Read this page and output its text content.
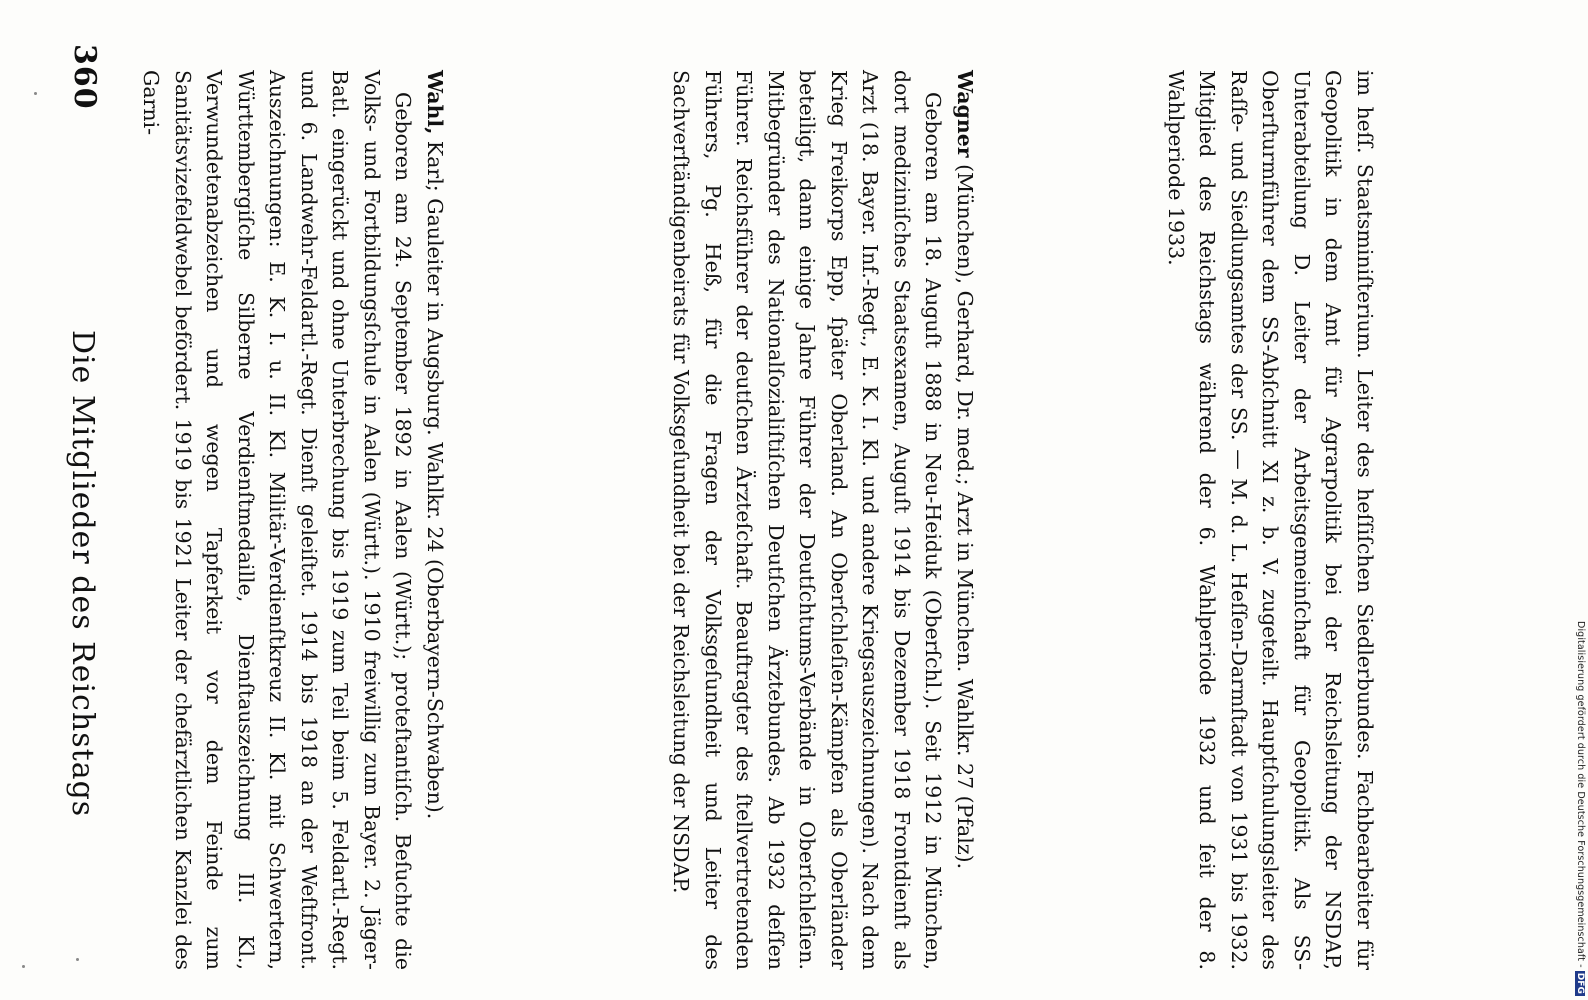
im heſſ. Staatsminiſterium. Leiter des heſſiſchen Siedlerbundes. Fachbearbeiter für Geopolitik in dem Amt für Agrarpolitik bei der Reichsleitung der NSDAP, Unterabteilung D. Leiter der Arbeitsgemeinſchaft für Geopolitik. Als SS-Oberſturmführer dem SS-Abſchnitt XI z. b. V. zugeteilt. Hauptſchulungsleiter des Raſſe- und Siedlungsamtes der SS. — M. d. L. Heſſen-Darmſtadt von 1931 bis 1932. Mitglied des Reichstags während der 6. Wahlperiode 1932 und ſeit der 8. Wahlperiode 1933.

Wagner (München), Gerhard, Dr. med.; Arzt in München. Wahlkr. 27 (Pfalz).

Geboren am 18. Auguſt 1888 in Neu-Heiduk (Oberſchl.). Seit 1912 in München, dort mediziniſches Staatsexamen, Auguſt 1914 bis Dezember 1918 Frontdienſt als Arzt (18. Bayer. Inf.-Regt., E. K. I. Kl. und andere Kriegsauszeichnungen). Nach dem Krieg Freikorps Epp, ſpäter Oberland. An Oberſchleſien-Kämpfen als Oberländer beteiligt, dann einige Jahre Führer der Deutſchtums-Verbände in Oberſchleſien. Mitbegründer des Nationalſozialiſtiſchen Deutſchen Ärztebundes. Ab 1932 deſſen Führer. Reichsführer der deutſchen Ärzteſchaft. Beauftragter des ſtellvertretenden Führers, Pg. Heß, für die Fragen der Volksgeſundheit und Leiter des Sachverſtändigenbeirats für Volksgeſundheit bei der Reichsleitung der NSDAP.

Wahl, Karl; Gauleiter in Augsburg. Wahlkr. 24 (Oberbayern-Schwaben).

Geboren am 24. September 1892 in Aalen (Württ.); proteſtantiſch. Beſuchte die Volks- und Fortbildungsſchule in Aalen (Württ.). 1910 freiwillig zum Bayer. 2. Jäger-Batl. eingerückt und ohne Unterbrechung bis 1919 zum Teil beim 5. Feldartl.-Regt. und 6. Landwehr-Feldartl.-Regt. Dienſt geleiſtet. 1914 bis 1918 an der Weſtfront. Auszeichnungen: E. K. I. u. II. Kl. Militär-Verdienſtkreuz II. Kl. mit Schwertern, Württembergiſche Silberne Verdienſtmedaille, Dienſtauszeichnung III. Kl., Verwundetenabzeichen und wegen Tapferkeit vor dem Feinde zum Sanitätsvizefeldwebel befördert. 1919 bis 1921 Leiter der chefärztlichen Kanzlei des Garni-

360
Die Mitglieder des Reichstags	Digitalisierung gefördert durch die Deutsche Forschungsgemeinschaft -DFG
